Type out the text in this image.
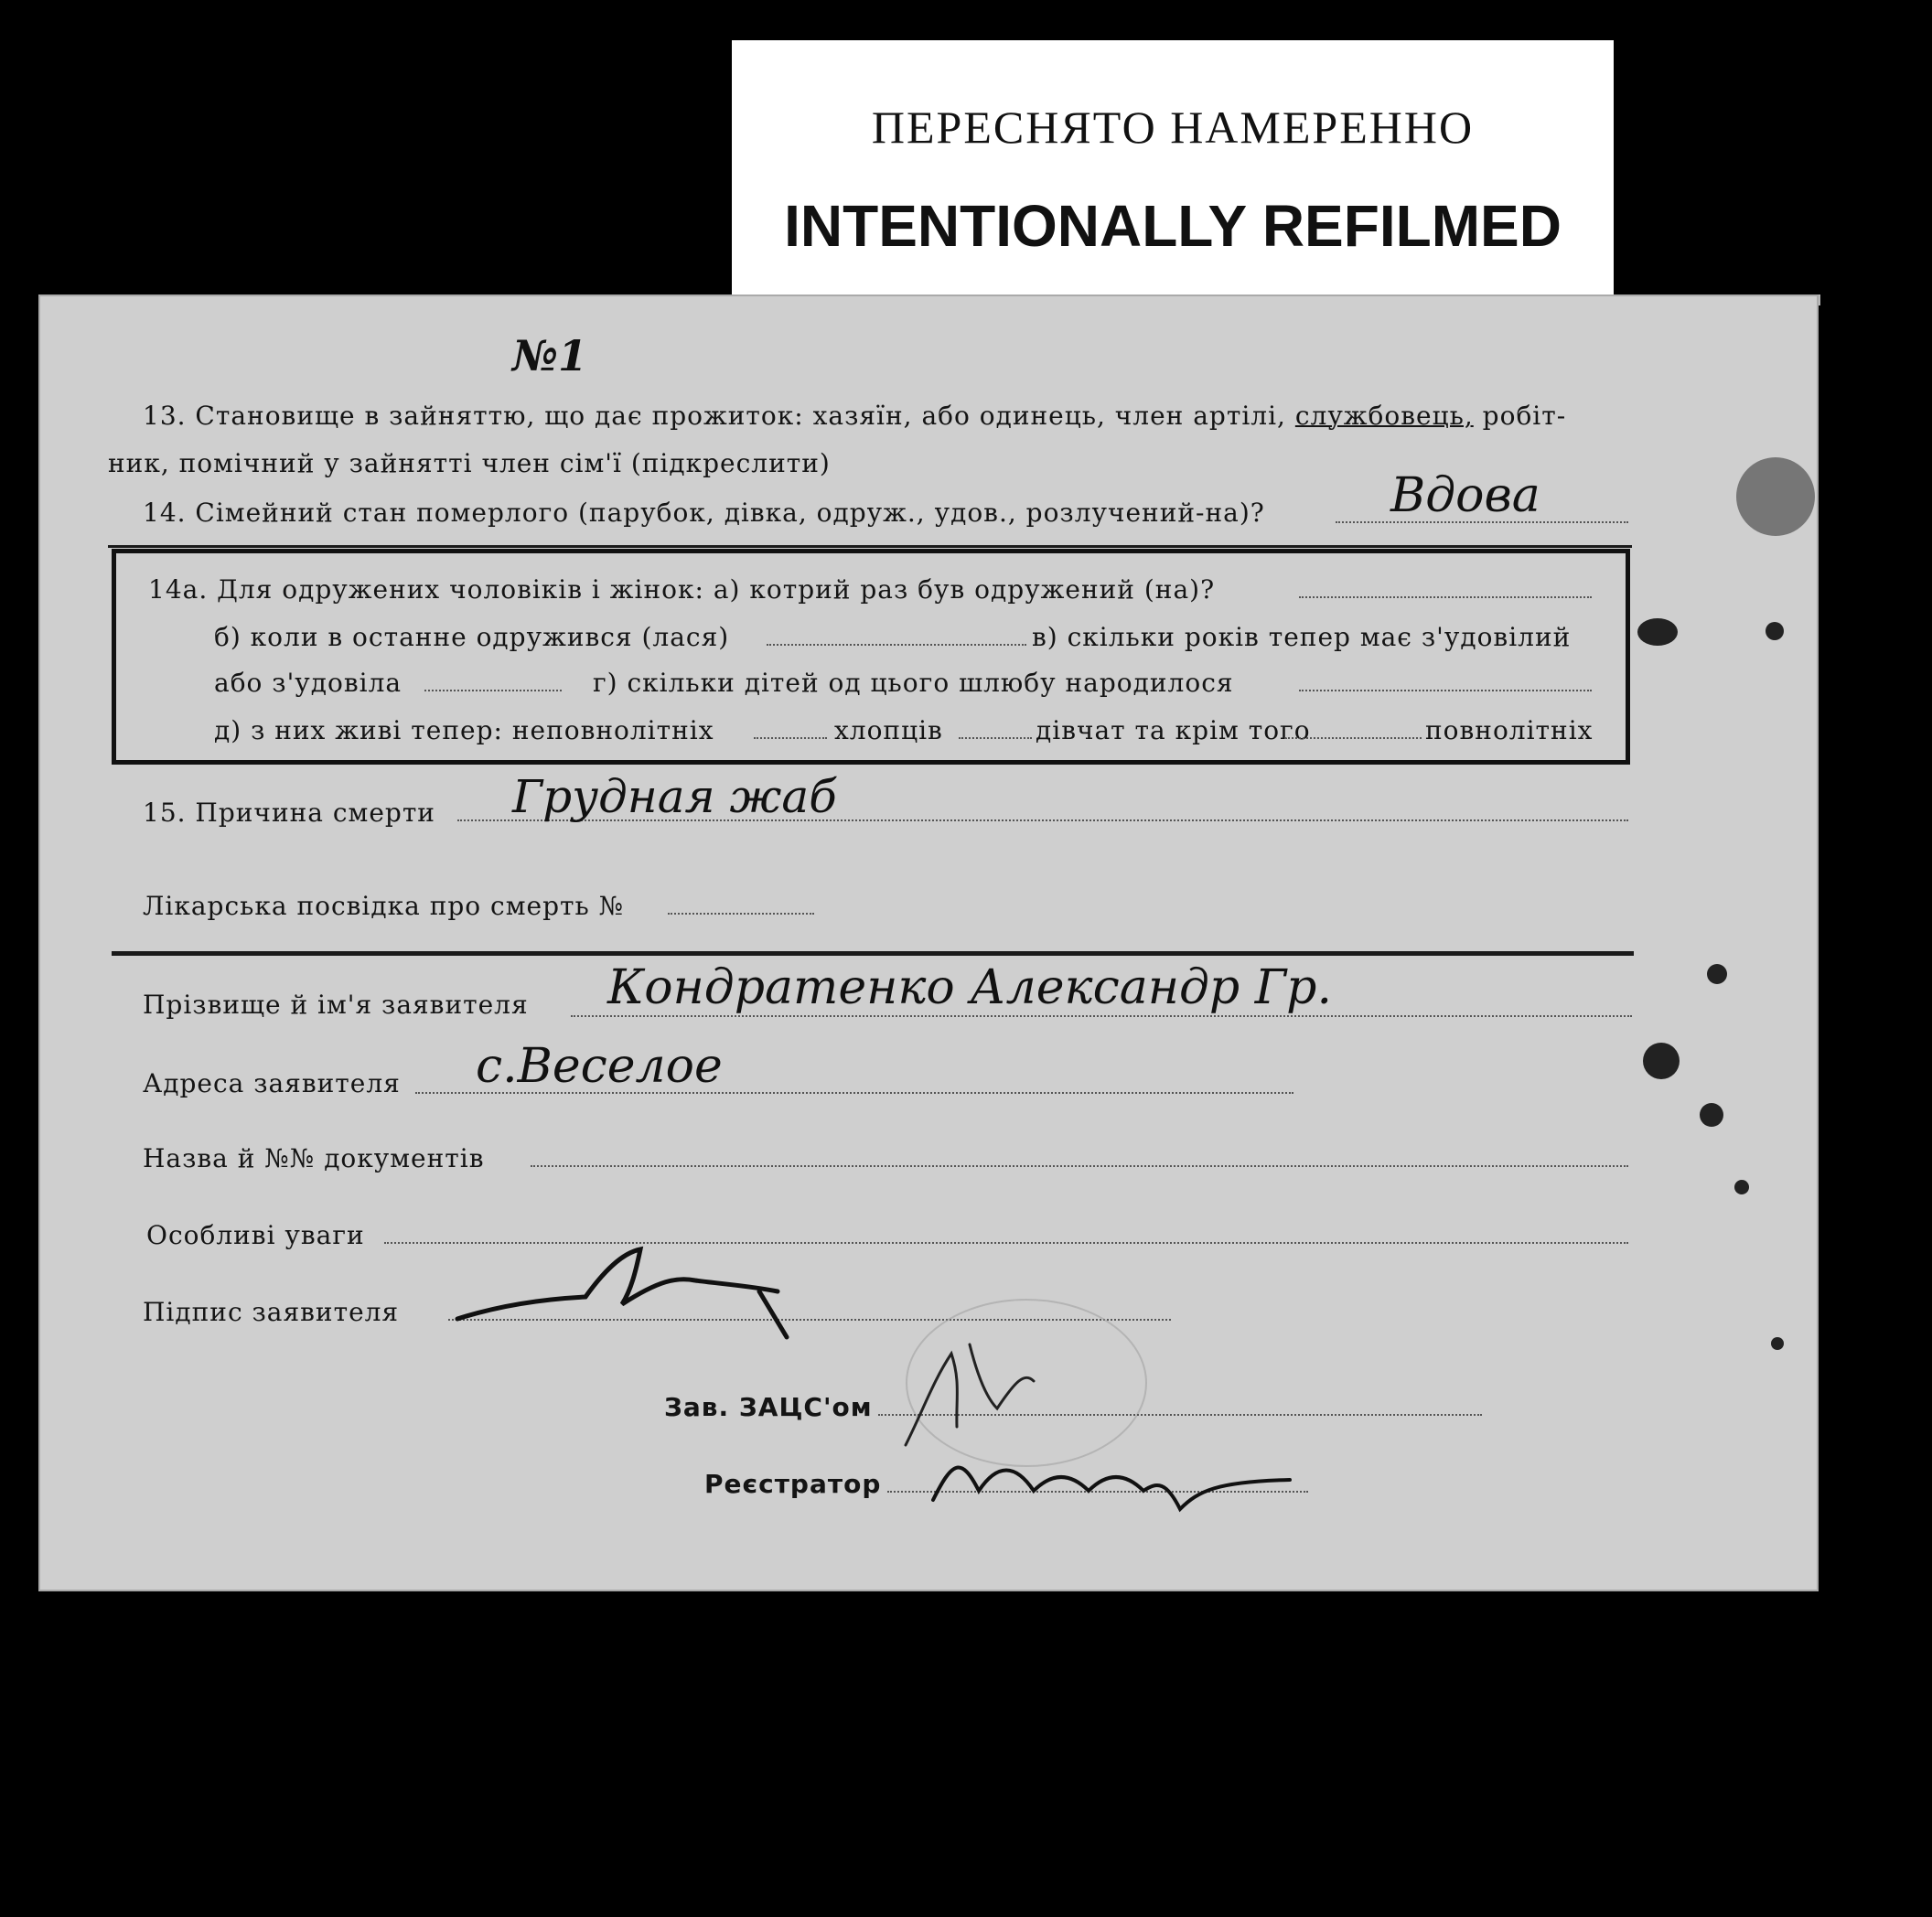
ПЕРЕСНЯТО НАМЕРЕННО
INTENTIONALLY REFILMED
№1
13. Становище в зайняттю, що дає прожиток: хазяїн, або одинець, член артілі, службовець, робіт-
ник, помічний у зайнятті член сім'ї (підкреслити)
14. Сімейний стан померлого (парубок, дівка, одруж., удов., розлучений-на)?	Вдова
14а. Для одружених чоловіків і жінок: а) котрий раз був одружений (на)?
б) коли в останне одружився (лася)	в) скільки років тепер має з'удовілий
або з'удовіла	г) скільки дітей од цього шлюбу народилося
д) з них живі тепер: неповнолітніх	хлопців	дівчат та крім того	повнолітніх
15. Причина смерти Грудная жаб
Лікарська посвідка про смерть №
Прізвище й ім'я заявителя Кондратенко Александр Гр.
Адреса заявителя с.Веселое
Назва й №№ документів
Особливі уваги
Підпис заявителя
Зав. ЗАЦС'ом
Реєстратор
